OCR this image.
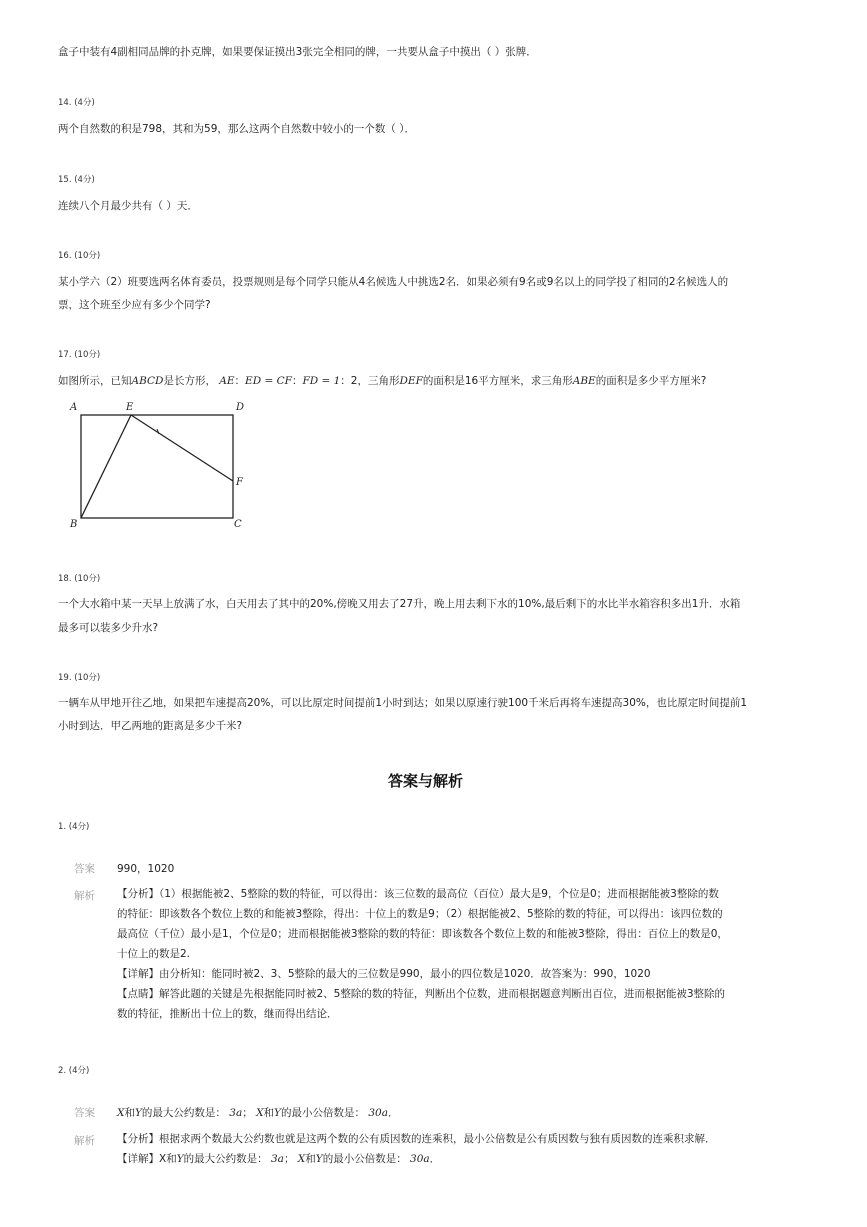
盒子中装有4副相同品牌的扑克牌，如果要保证摸出3张完全相同的牌，一共要从盒子中摸出（ ）张牌．
14. (4分)
两个自然数的积是798，其和为59，那么这两个自然数中较小的一个数（ ）．
15. (4分)
连续八个月最少共有（ ）天．
16. (10分)
某小学六（2）班要选两名体育委员，投票规则是每个同学只能从4名候选人中挑选2名．如果必须有9名或9名以上的同学投了相同的2名候选人的
票，这个班至少应有多少个同学?
17. (10分)
如图所示，已知ABCD是长方形， AE：ED = CF：FD = 1：2，三角形DEF的面积是16平方厘米，求三角形ABE的面积是多少平方厘米?
A	E	D
F
B	C
18. (10分)
一个大水箱中某一天早上放满了水，白天用去了其中的20%,傍晚又用去了27升，晚上用去剩下水的10%,最后剩下的水比半水箱容积多出1升．水箱
最多可以装多少升水?
19. (10分)
一辆车从甲地开往乙地，如果把车速提高20%，可以比原定时间提前1小时到达；如果以原速行驶100千米后再将车速提高30%，也比原定时间提前1
小时到达．甲乙两地的距离是多少千米?
答案与解析
1. (4分)
答案 990，1020
解析 【分析】（1）根据能被2、5整除的数的特征，可以得出：该三位数的最高位（百位）最大是9，个位是0；进而根据能被3整除的数
的特征：即该数各个数位上数的和能被3整除，得出：十位上的数是9；（2）根据能被2、5整除的数的特征，可以得出：该四位数的
最高位（千位）最小是1，个位是0；进而根据能被3整除的数的特征：即该数各个数位上数的和能被3整除，得出：百位上的数是0，
十位上的数是2.
【详解】由分析知：能同时被2、3、5整除的最大的三位数是990，最小的四位数是1020．故答案为：990，1020
【点睛】解答此题的关键是先根据能同时被2、5整除的数的特征，判断出个位数，进而根据题意判断出百位，进而根据能被3整除的
数的特征，推断出十位上的数，继而得出结论．
2. (4分)
答案 X和Y的最大公约数是： 3a； X和Y的最小公倍数是： 30a．
解析 【分析】根据求两个数最大公约数也就是这两个数的公有质因数的连乘积，最小公倍数是公有质因数与独有质因数的连乘积求解．
【详解】X和Y的最大公约数是： 3a； X和Y的最小公倍数是： 30a．
